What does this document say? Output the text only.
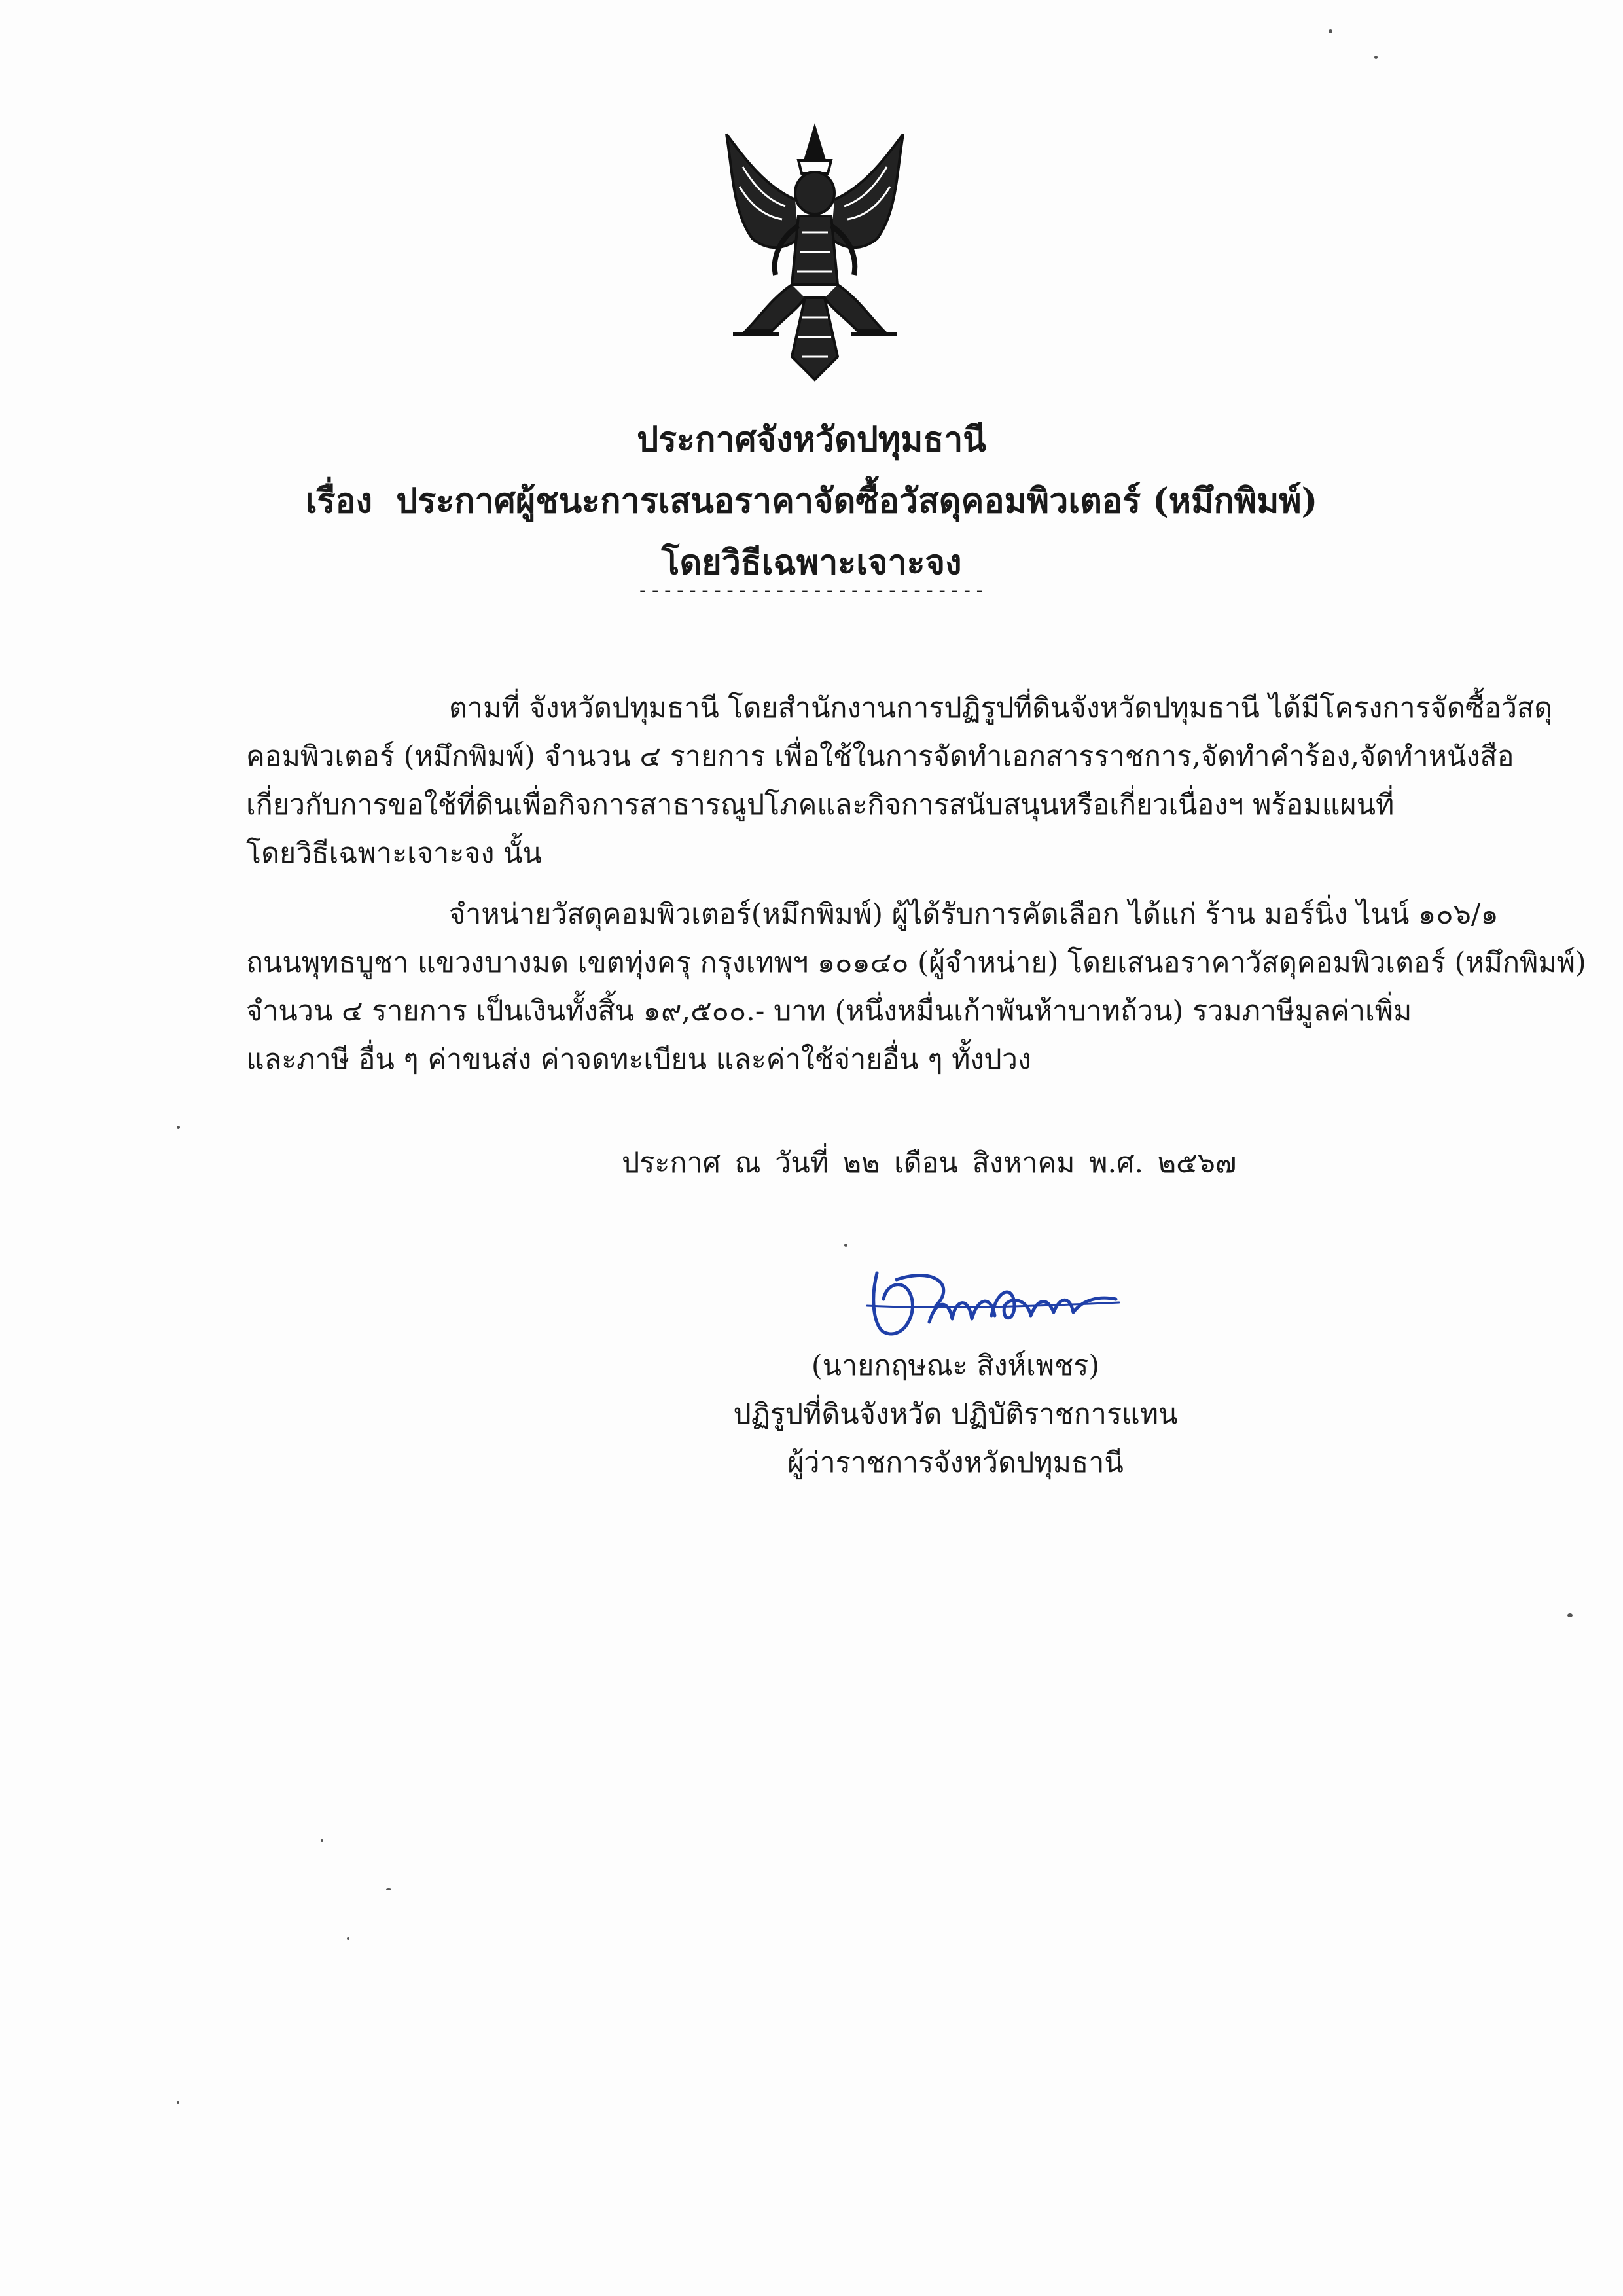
ประกาศจังหวัดปทุมธานี
เรื่อง ประกาศผู้ชนะการเสนอราคาจัดซื้อวัสดุคอมพิวเตอร์ (หมึกพิมพ์)
โดยวิธีเฉพาะเจาะจง
----------------------------
ตามที่ จังหวัดปทุมธานี โดยสำนักงานการปฏิรูปที่ดินจังหวัดปทุมธานี ได้มีโครงการจัดซื้อวัสดุ
คอมพิวเตอร์ (หมึกพิมพ์) จำนวน ๔ รายการ เพื่อใช้ในการจัดทำเอกสารราชการ,จัดทำคำร้อง,จัดทำหนังสือ
เกี่ยวกับการขอใช้ที่ดินเพื่อกิจการสาธารณูปโภคและกิจการสนับสนุนหรือเกี่ยวเนื่องฯ พร้อมแผนที่
โดยวิธีเฉพาะเจาะจง นั้น
จำหน่ายวัสดุคอมพิวเตอร์(หมึกพิมพ์) ผู้ได้รับการคัดเลือก ได้แก่ ร้าน มอร์นิ่ง ไนน์ ๑๐๖/๑
ถนนพุทธบูชา แขวงบางมด เขตทุ่งครุ กรุงเทพฯ ๑๐๑๔๐ (ผู้จำหน่าย) โดยเสนอราคาวัสดุคอมพิวเตอร์ (หมึกพิมพ์)
จำนวน ๔ รายการ เป็นเงินทั้งสิ้น ๑๙,๕๐๐.- บาท (หนึ่งหมื่นเก้าพันห้าบาทถ้วน) รวมภาษีมูลค่าเพิ่ม
และภาษี อื่น ๆ ค่าขนส่ง ค่าจดทะเบียน และค่าใช้จ่ายอื่น ๆ ทั้งปวง
ประกาศ ณ วันที่ ๒๒ เดือน สิงหาคม พ.ศ. ๒๕๖๗
(นายกฤษณะ สิงห์เพชร)
ปฏิรูปที่ดินจังหวัด ปฏิบัติราชการแทน
ผู้ว่าราชการจังหวัดปทุมธานี
